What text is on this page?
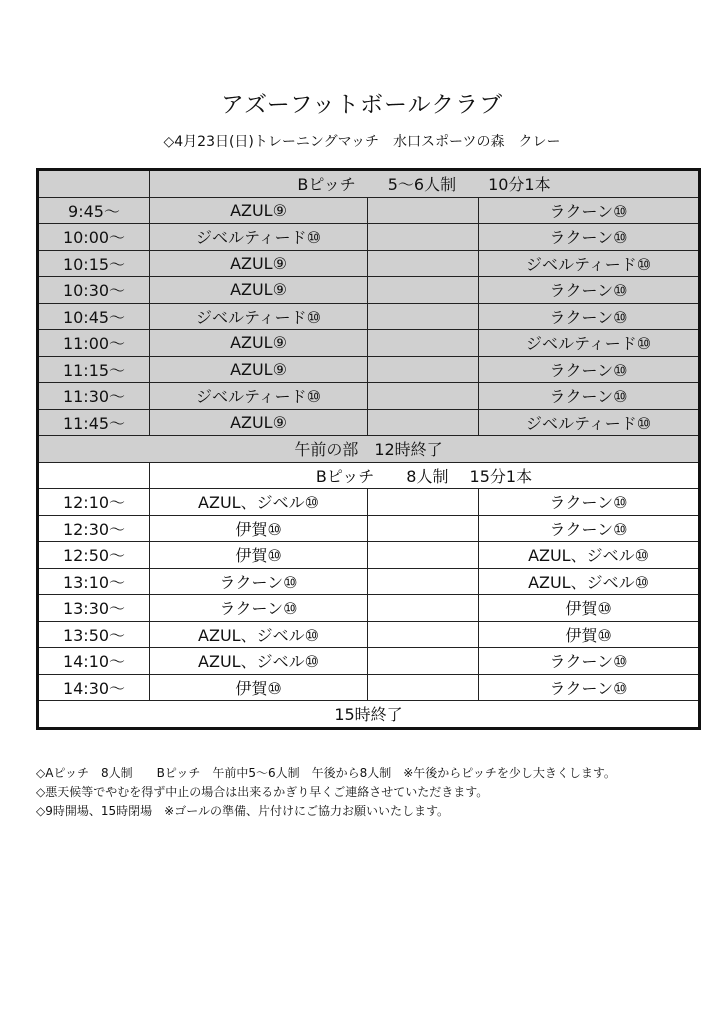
アズーフットボールクラブ
◇4月23日(日)トレーニングマッチ　水口スポーツの森　クレー
	Bピッチ　　5～6人制　　10分1本		
9:45～	AZUL⑨		ラクーン⑩
10:00～	ジベルティード⑩		ラクーン⑩
10:15～	AZUL⑨		ジベルティード⑩
10:30～	AZUL⑨		ラクーン⑩
10:45～	ジベルティード⑩		ラクーン⑩
11:00～	AZUL⑨		ジベルティード⑩
11:15～	AZUL⑨		ラクーン⑩
11:30～	ジベルティード⑩		ラクーン⑩
11:45～	AZUL⑨		ジベルティード⑩
午前の部　12時終了			
	Bピッチ　　8人制　 15分1本		
12:10～	AZUL、ジベル⑩		ラクーン⑩
12:30～	伊賀⑩		ラクーン⑩
12:50～	伊賀⑩		AZUL、ジベル⑩
13:10～	ラクーン⑩		AZUL、ジベル⑩
13:30～	ラクーン⑩		伊賀⑩
13:50～	AZUL、ジベル⑩		伊賀⑩
14:10～	AZUL、ジベル⑩		ラクーン⑩
14:30～	伊賀⑩		ラクーン⑩
15時終了			
◇Aピッチ　8人制　　Bピッチ　午前中5～6人制　午後から8人制　※午後からピッチを少し大きくします。
◇悪天候等でやむを得ず中止の場合は出来るかぎり早くご連絡させていただきます。
◇9時開場、15時閉場　※ゴールの準備、片付けにご協力お願いいたします。
